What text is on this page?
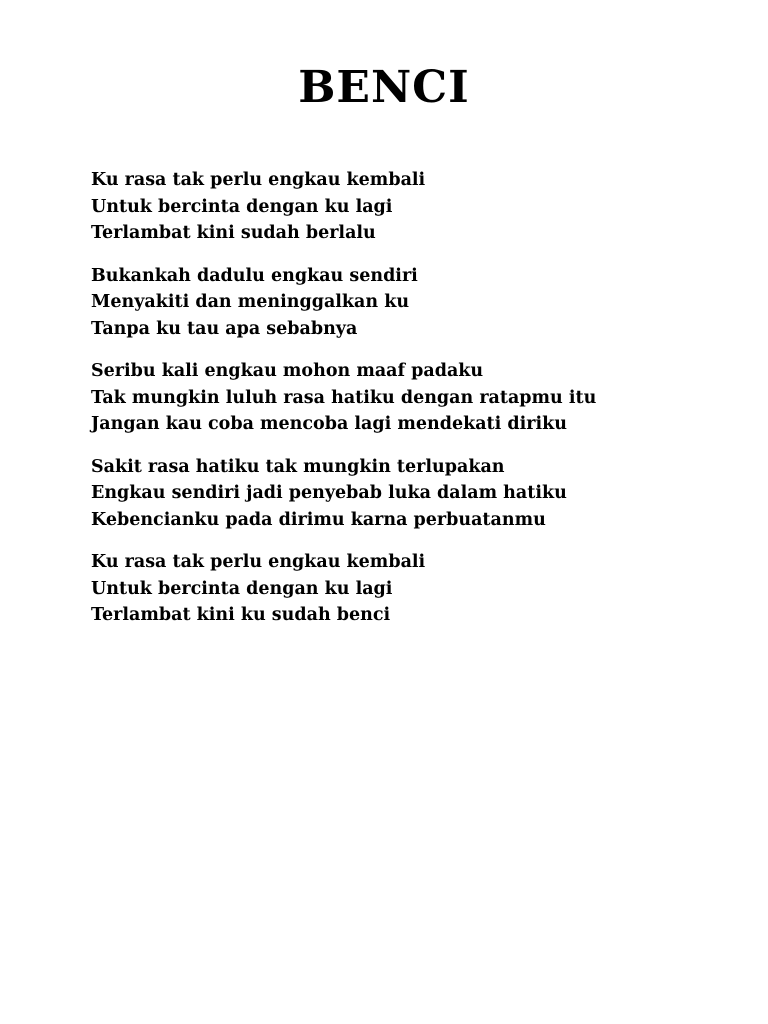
BENCI
Ku rasa tak perlu engkau kembali
Untuk bercinta dengan ku lagi
Terlambat kini sudah berlalu
Bukankah dadulu engkau sendiri
Menyakiti dan meninggalkan ku
Tanpa ku tau apa sebabnya
Seribu kali engkau mohon maaf padaku
Tak mungkin luluh rasa hatiku dengan ratapmu itu
Jangan kau coba mencoba lagi mendekati diriku
Sakit rasa hatiku tak mungkin terlupakan
Engkau sendiri jadi penyebab luka dalam hatiku
Kebencianku pada dirimu karna perbuatanmu
Ku rasa tak perlu engkau kembali
Untuk bercinta dengan ku lagi
Terlambat kini ku sudah benci
